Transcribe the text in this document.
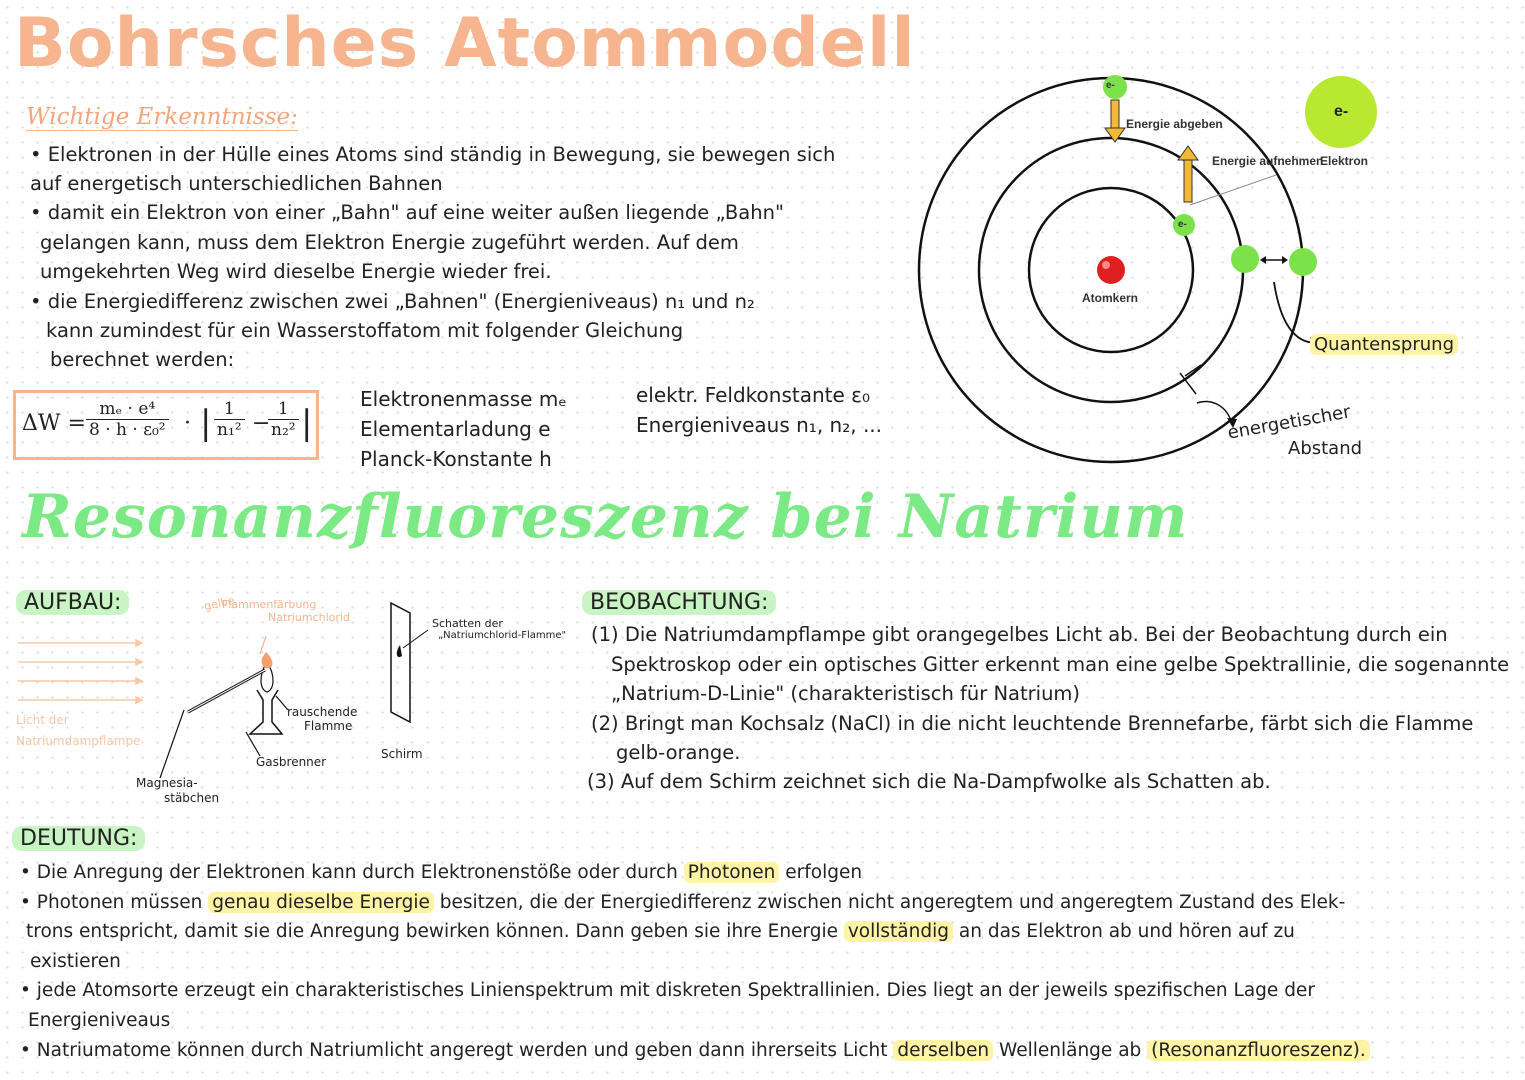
Bohrsches Atommodell
Wichtige Erkenntnisse:
• Elektronen in der Hülle eines Atoms sind ständig in Bewegung, sie bewegen sich
auf energetisch unterschiedlichen Bahnen
• damit ein Elektron von einer „Bahn" auf eine weiter außen liegende „Bahn"
gelangen kann, muss dem Elektron Energie zugeführt werden. Auf dem
umgekehrten Weg wird dieselbe Energie wieder frei.
• die Energiedifferenz zwischen zwei „Bahnen" (Energieniveaus) n₁ und n₂
kann zumindest für ein Wasserstoffatom mit folgender Gleichung
berechnet werden:
$\Delta W = \frac{\text{mₑ · e⁴}}{\text{8 · h · ε₀²}}$ · | $\frac{1}{\text{n₁²}}$ −
$\frac{1}{\text{n₂²}}$ |
Elektronenmasse mₑ
Elementarladung e
Planck-Konstante h
elektr. Feldkonstante ε₀
Energieniveaus n₁, n₂, ...
e-
e-
Energie abgeben
Energie aufnehmen
e-
Elektron
Atomkern
Quantensprung
energetischer
Abstand
Resonanzfluoreszenz bei Natrium
AUFBAU:
Licht der
Natriumdampflampe
gelbe
Flammenfärbung
Natriumchlorid
rauschende
Flamme
Gasbrenner
Magnesia-
stäbchen
Schatten der
„Natriumchlorid-Flamme"
Schirm
BEOBACHTUNG:
(1) Die Natriumdampflampe gibt orangegelbes Licht ab. Bei der Beobachtung durch ein
Spektroskop oder ein optisches Gitter erkennt man eine gelbe Spektrallinie, die sogenannte
„Natrium-D-Linie" (charakteristisch für Natrium)
(2) Bringt man Kochsalz (NaCl) in die nicht leuchtende Brennefarbe, färbt sich die Flamme
gelb-orange.
(3) Auf dem Schirm zeichnet sich die Na-Dampfwolke als Schatten ab.
DEUTUNG:
• Die Anregung der Elektronen kann durch Elektronenstöße oder durch Photonen erfolgen
• Photonen müssen genau dieselbe Energie besitzen, die der Energiedifferenz zwischen nicht angeregtem und angeregtem Zustand des Elek-
trons entspricht, damit sie die Anregung bewirken können. Dann geben sie ihre Energie vollständig an das Elektron ab und hören auf zu
existieren
• jede Atomsorte erzeugt ein charakteristisches Linienspektrum mit diskreten Spektrallinien. Dies liegt an der jeweils spezifischen Lage der
Energieniveaus
• Natriumatome können durch Natriumlicht angeregt werden und geben dann ihrerseits Licht derselben Wellenlänge ab (Resonanzfluoreszenz).
